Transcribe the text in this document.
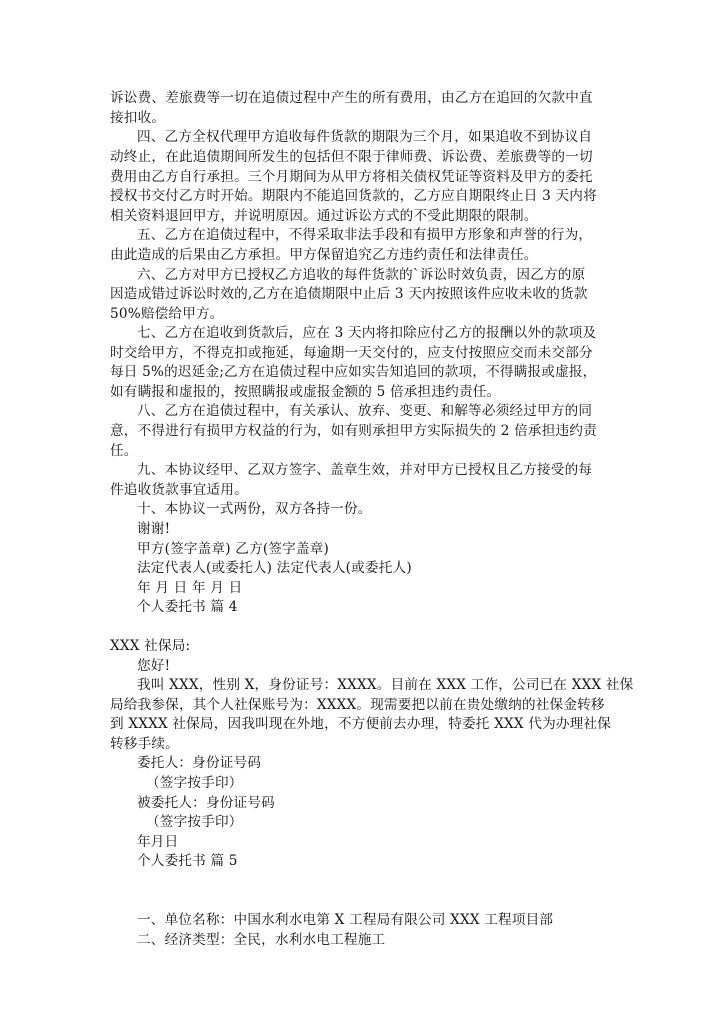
诉讼费、差旅费等一切在追债过程中产生的所有费用，由乙方在追回的欠款中直
接扣收。
四、乙方全权代理甲方追收每件货款的期限为三个月，如果追收不到协议自
动终止，在此追债期间所发生的包括但不限于律师费、诉讼费、差旅费等的一切
费用由乙方自行承担。三个月期间为从甲方将相关债权凭证等资料及甲方的委托
授权书交付乙方时开始。期限内不能追回货款的，乙方应自期限终止日 3 天内将
相关资料退回甲方，并说明原因。通过诉讼方式的不受此期限的限制。
五、乙方在追债过程中，不得采取非法手段和有损甲方形象和声誉的行为，
由此造成的后果由乙方承担。甲方保留追究乙方违约责任和法律责任。
六、乙方对甲方已授权乙方追收的每件货款的`诉讼时效负责，因乙方的原
因造成错过诉讼时效的,乙方在追债期限中止后 3 天内按照该件应收未收的货款
50%赔偿给甲方。
七、乙方在追收到货款后，应在 3 天内将扣除应付乙方的报酬以外的款项及
时交给甲方，不得克扣或拖延，每逾期一天交付的，应支付按照应交而未交部分
每日 5%的迟延金;乙方在追债过程中应如实告知追回的款项，不得瞒报或虚报，
如有瞒报和虚报的，按照瞒报或虚报金额的 5 倍承担违约责任。
八、乙方在追债过程中，有关承认、放弃、变更、和解等必须经过甲方的同
意，不得进行有损甲方权益的行为，如有则承担甲方实际损失的 2 倍承担违约责
任。
九、本协议经甲、乙双方签字、盖章生效，并对甲方已授权且乙方接受的每
件追收货款事宜适用。
十、本协议一式两份，双方各持一份。
谢谢!
甲方(签字盖章) 乙方(签字盖章)
法定代表人(或委托人) 法定代表人(或委托人)
年 月 日 年 月 日
个人委托书 篇 4
XXX 社保局:
您好!
我叫 XXX，性别 X，身份证号：XXXX。目前在 XXX 工作，公司已在 XXX 社保
局给我参保，其个人社保账号为：XXXX。现需要把以前在贵处缴纳的社保金转移
到 XXXX 社保局，因我叫现在外地，不方便前去办理，特委托 XXX 代为办理社保
转移手续。
委托人：身份证号码
（签字按手印）
被委托人：身份证号码
（签字按手印）
年月日
个人委托书 篇 5
一、单位名称：中国水利水电第 X 工程局有限公司 XXX 工程项目部
二、经济类型：全民，水利水电工程施工
